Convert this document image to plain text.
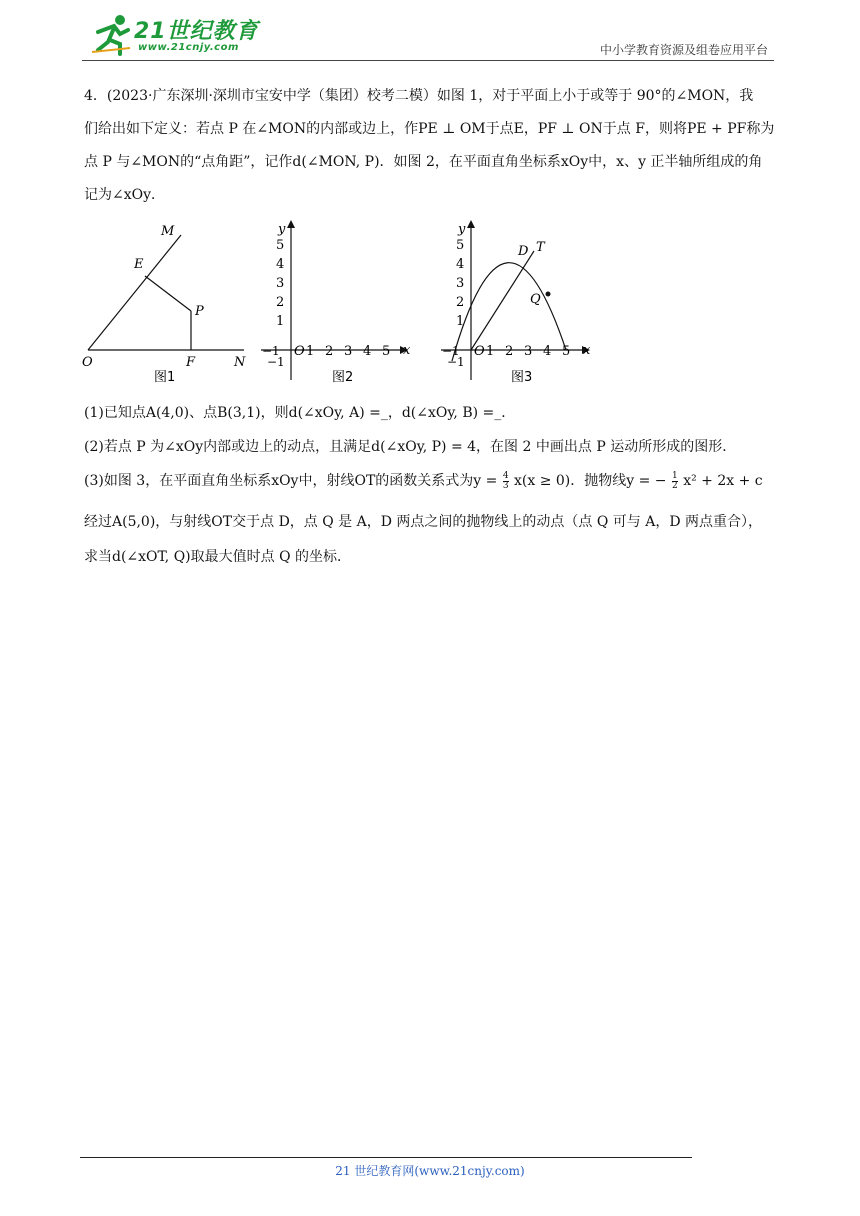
21世纪教育
www.21cnjy.com	中小学教育资源及组卷应用平台
4．(2023·广东深圳·深圳市宝安中学（集团）校考二模）如图 1，对于平面上小于或等于 90°的∠MON，我
们给出如下定义：若点 P 在∠MON的内部或边上，作PE ⊥ OM于点E，PF ⊥ ON于点 F，则将PE + PF称为
点 P 与∠MON的“点角距”，记作d(∠MON, P)．如图 2，在平面直角坐标系xOy中，x、y 正半轴所组成的角
记为∠xOy．
M
E
P
O	F	N
图1
x
y
5
4
3
2
1
−1
−1 O 1 2 3 4 5
图2
D T
Q
x
y
5
4
3
2
1
−1
−1 O 1 2 3 4 5
图3
(1)已知点A(4,0)、点B(3,1)，则d(∠xOy, A) =_，d(∠xOy, B) =_．
(2)若点 P 为∠xOy内部或边上的动点，且满足d(∠xOy, P) = 4，在图 2 中画出点 P 运动所形成的图形．
(3)如图 3，在平面直角坐标系xOy中，射线OT的函数关系式为$y = \frac{4}{3} x(x \ge 0)$．抛物线y = − $\frac{1}{2} x^2 + 2x + c$
经过A(5,0)，与射线OT交于点 D，点 Q 是 A，D 两点之间的抛物线上的动点（点 Q 可与 A，D 两点重合），
求当d(∠xOT, Q)取最大值时点 Q 的坐标．
21 世纪教育网(www.21cnjy.com)
